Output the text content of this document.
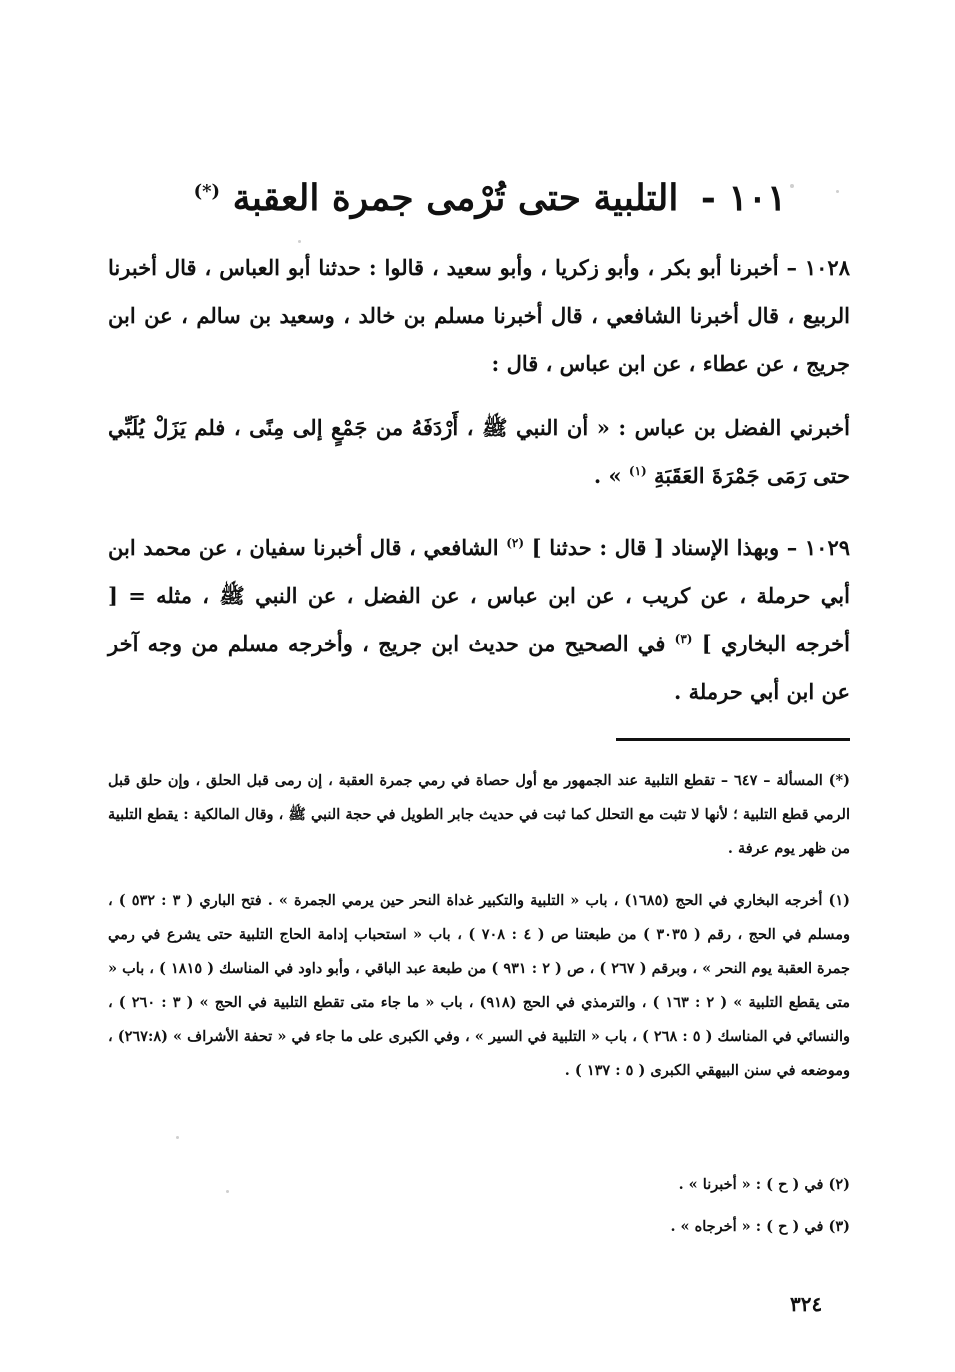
١٠١ - التلبية حتى تُرْمى جمرة العقبة (*)
١٠٢٨ – أخبرنا أبو بكر ، وأبو زكريا ، وأبو سعيد ، قالوا : حدثنا أبو العباس ، قال أخبرنا الربيع ، قال أخبرنا الشافعي ، قال أخبرنا مسلم بن خالد ، وسعيد بن سالم ، عن ابن جريج ، عن عطاء ، عن ابن عباس ، قال :
أخبرني الفضل بن عباس : « أن النبي ﷺ ، أَرْدَفَهُ من جَمْعٍ إلى مِنًى ، فلم يَزَلْ يُلَبِّي حتى رَمَى جَمْرَةَ العَقَبَةِ $^{(١)}$ » .
١٠٢٩ – وبهذا الإسناد [ قال : حدثنا ] $^{(٢)}$ الشافعي ، قال أخبرنا سفيان ، عن محمد ابن أبي حرملة ، عن كريب ، عن ابن عباس ، عن الفضل ، عن النبي ﷺ ، مثله = [ أخرجه البخاري ] $^{(٣)}$ في الصحيح من حديث ابن جريج ، وأخرجه مسلم من وجه آخر عن ابن أبي حرملة .
(*) المسألة – ٦٤٧ – تقطع التلبية عند الجمهور مع أول حصاة في رمي جمرة العقبة ، إن رمى قبل الحلق ، وإن حلق قبل الرمي قطع التلبية ؛ لأنها لا تثبت مع التحلل كما ثبت في حديث جابر الطويل في حجة النبي ﷺ ، وقال المالكية : يقطع التلبية من ظهر يوم عرفة .
(١) أخرجه البخاري في الحج (١٦٨٥) ، باب « التلبية والتكبير غداة النحر حين يرمي الجمرة » . فتح الباري ( ٣ : ٥٣٢ ) ، ومسلم في الحج ، رقم ( ٣٠٣٥ ) من طبعتنا ص ( ٤ : ٧٠٨ ) ، باب « استحباب إدامة الحاج التلبية حتى يشرع في رمي جمرة العقبة يوم النحر » ، وبرقم ( ٢٦٧ ) ، ص ( ٢ : ٩٣١ ) من طبعة عبد الباقي ، وأبو داود في المناسك ( ١٨١٥ ) ، باب « متى يقطع التلبية » ( ٢ : ١٦٣ ) ، والترمذي في الحج (٩١٨) ، باب « ما جاء متى تقطع التلبية في الحج » ( ٣ : ٢٦٠ ) ، والنسائي في المناسك ( ٥ : ٢٦٨ ) ، باب « التلبية في السير » ، وفي الكبرى على ما جاء في « تحفة الأشراف » (٢٦٧:٨) ، وموضعه في سنن البيهقي الكبرى ( ٥ : ١٣٧ ) .
(٢) في ( ح ) : « أخبرنا » .
(٣) في ( ح ) : « أخرجاه » .
٣٢٤
